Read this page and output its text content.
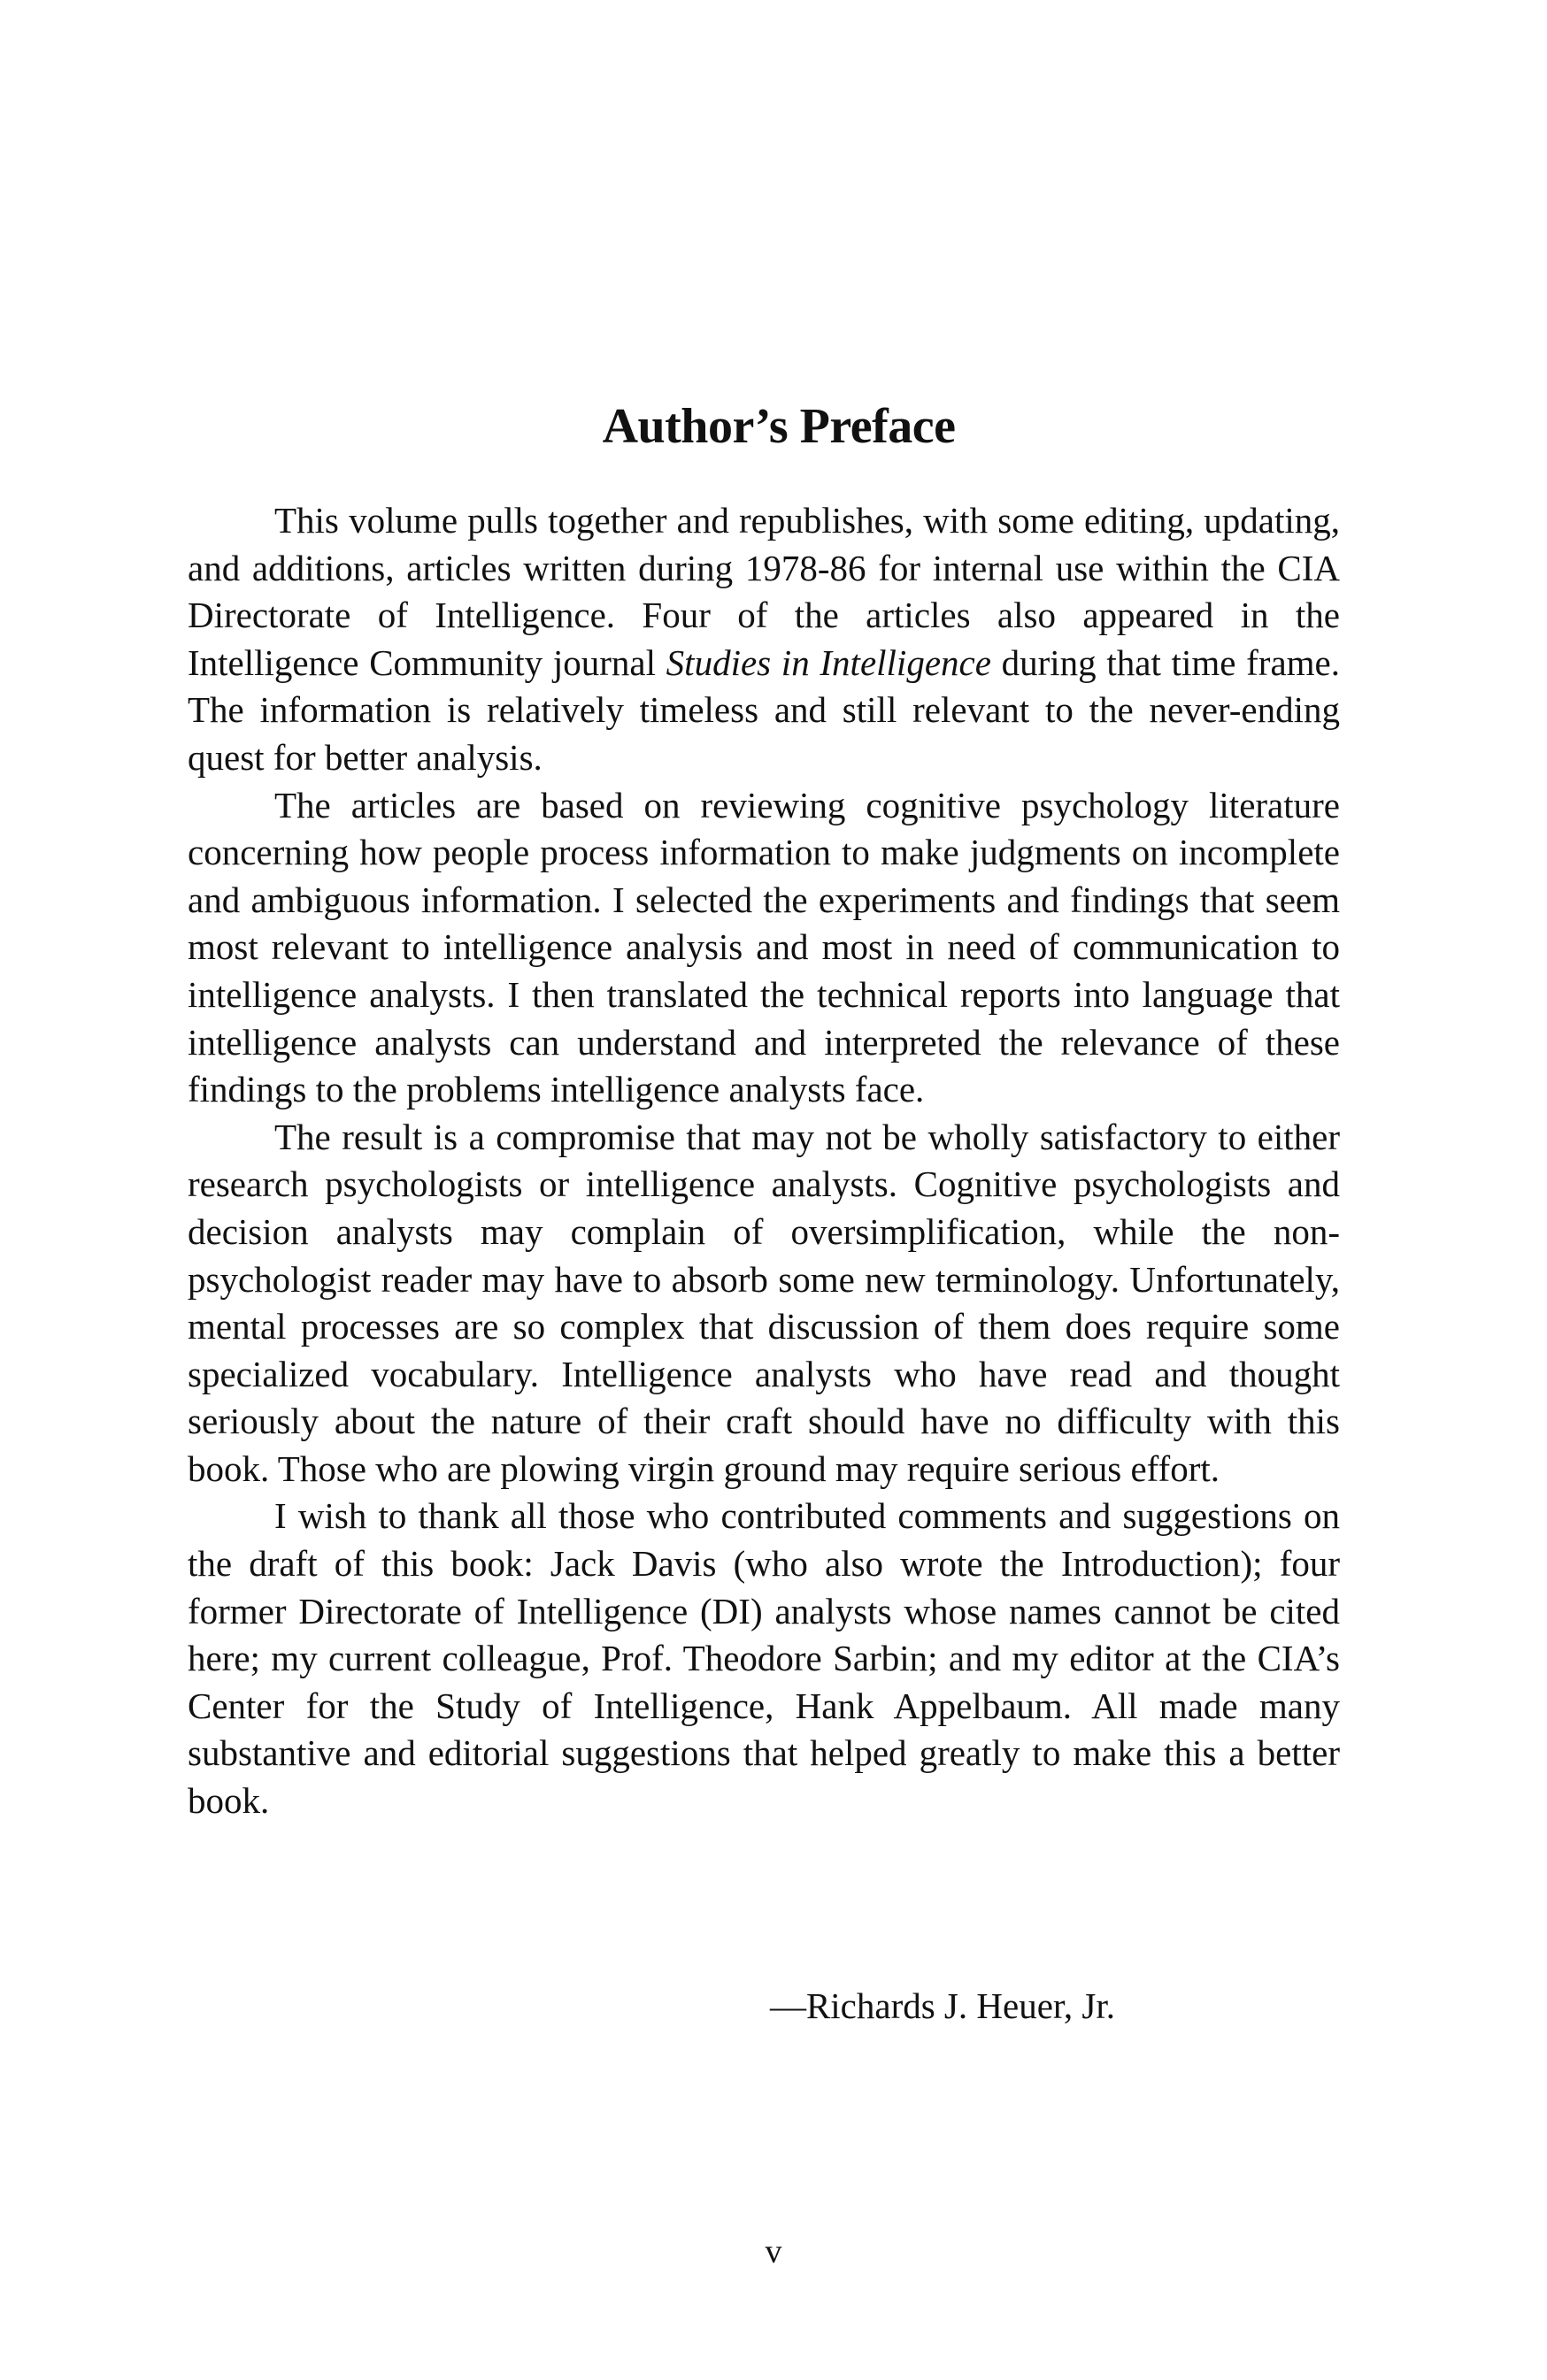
Author’s Preface

This volume pulls together and republishes, with some editing, updating, and additions, articles written during 1978-86 for internal use within the CIA Directorate of Intelligence. Four of the articles also appeared in the Intelligence Community journal Studies in Intelligence during that time frame. The information is relatively timeless and still relevant to the never-ending quest for better analysis.

The articles are based on reviewing cognitive psychology literature concerning how people process information to make judgments on incomplete and ambiguous information. I selected the experiments and findings that seem most relevant to intelligence analysis and most in need of communication to intelligence analysts. I then translated the technical reports into language that intelligence analysts can understand and interpreted the relevance of these findings to the problems intelligence analysts face.

The result is a compromise that may not be wholly satisfactory to either research psychologists or intelligence analysts. Cognitive psychologists and decision analysts may complain of oversimplification, while the non-psychologist reader may have to absorb some new terminology. Unfortunately, mental processes are so complex that discussion of them does require some specialized vocabulary. Intelligence analysts who have read and thought seriously about the nature of their craft should have no difficulty with this book. Those who are plowing virgin ground may require serious effort.

I wish to thank all those who contributed comments and suggestions on the draft of this book: Jack Davis (who also wrote the Introduction); four former Directorate of Intelligence (DI) analysts whose names cannot be cited here; my current colleague, Prof. Theodore Sarbin; and my editor at the CIA’s Center for the Study of Intelligence, Hank Appelbaum. All made many substantive and editorial suggestions that helped greatly to make this a better book.

—Richards J. Heuer, Jr.

v
